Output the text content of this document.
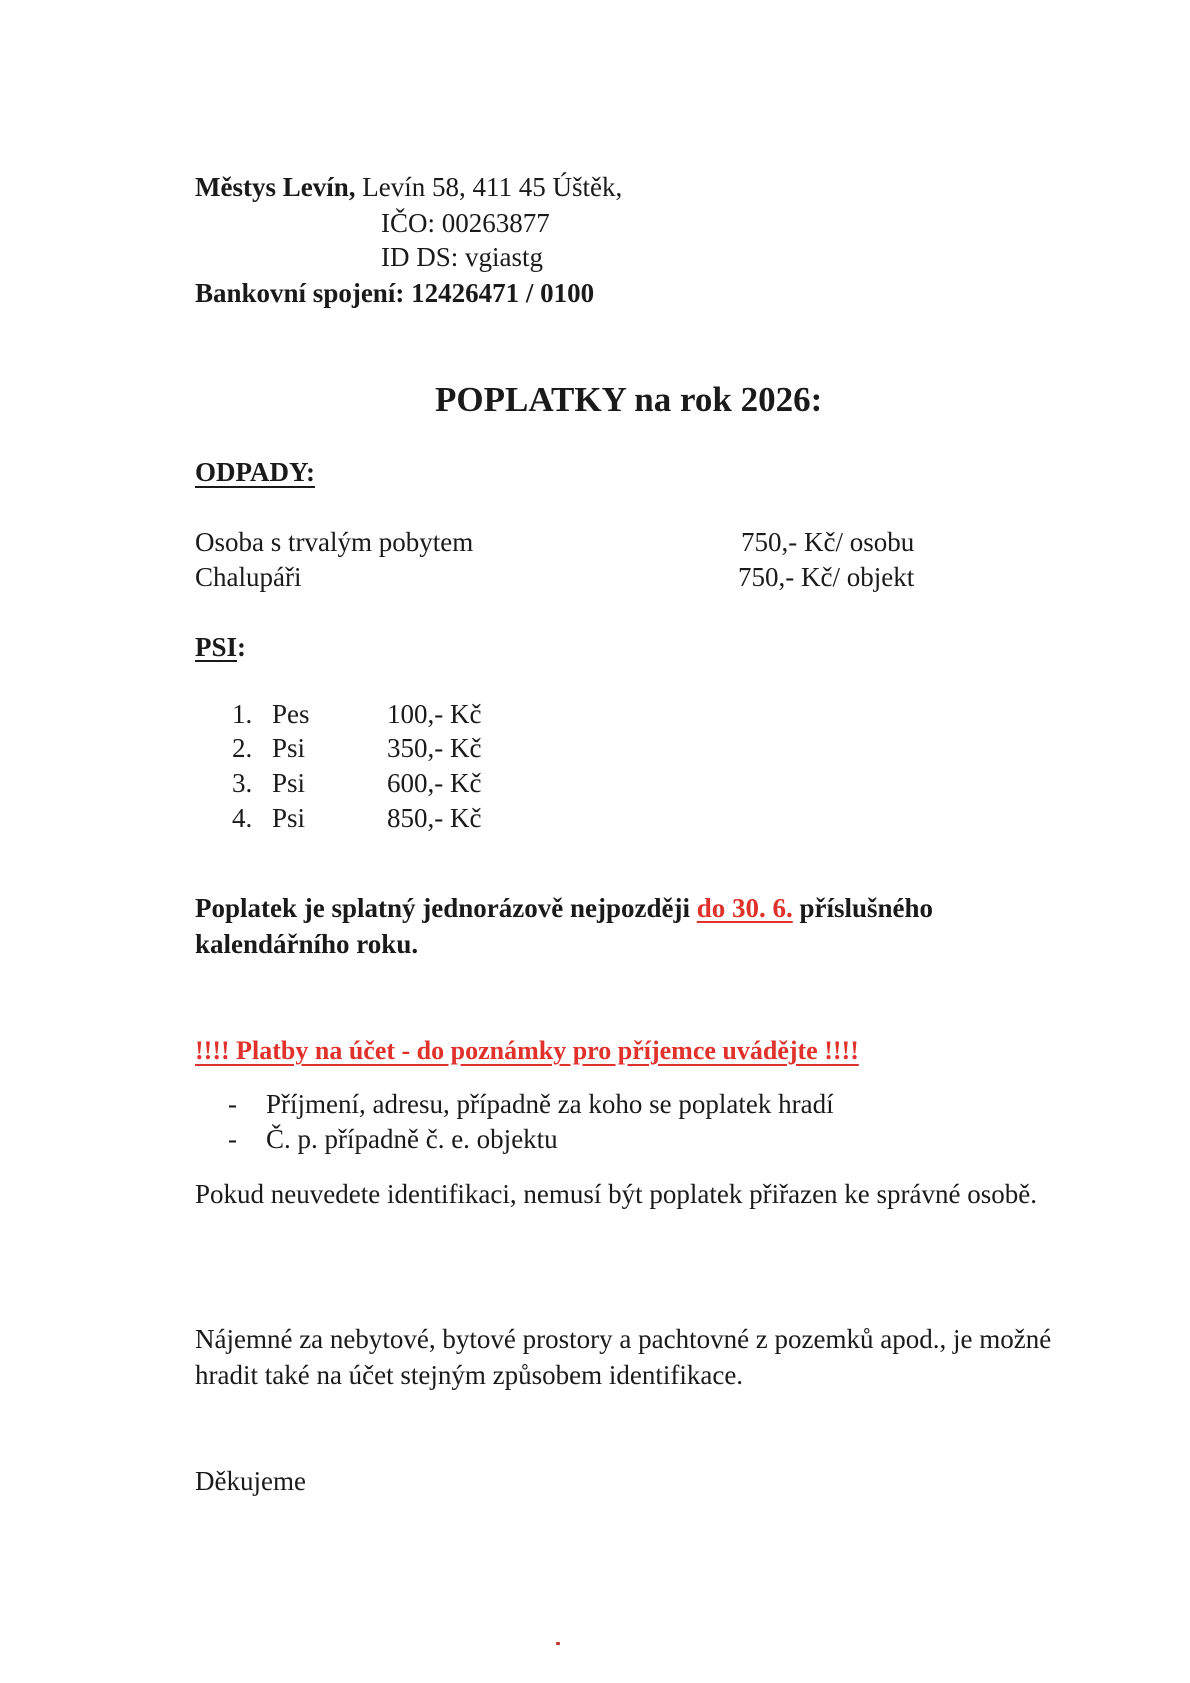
Městys Levín, Levín 58, 411 45 Úštěk,
IČO: 00263877
ID DS: vgiastg
Bankovní spojení: 12426471 / 0100
POPLATKY na rok 2026:
ODPADY:
Osoba s trvalým pobytem	750,- Kč/ osobu
Chalupáři	750,- Kč/ objekt
PSI:
1. Pes	100,- Kč
2. Psi	350,- Kč
3. Psi	600,- Kč
4. Psi	850,- Kč
Poplatek je splatný jednorázově nejpozději do 30. 6. příslušného kalendářního roku.
!!!! Platby na účet - do poznámky pro příjemce uvádějte !!!!
- Příjmení, adresu, případně za koho se poplatek hradí
- Č. p. případně č. e. objektu
Pokud neuvedete identifikaci, nemusí být poplatek přiřazen ke správné osobě.
Nájemné za nebytové, bytové prostory a pachtovné z pozemků apod., je možné hradit také na účet stejným způsobem identifikace.
Děkujeme
